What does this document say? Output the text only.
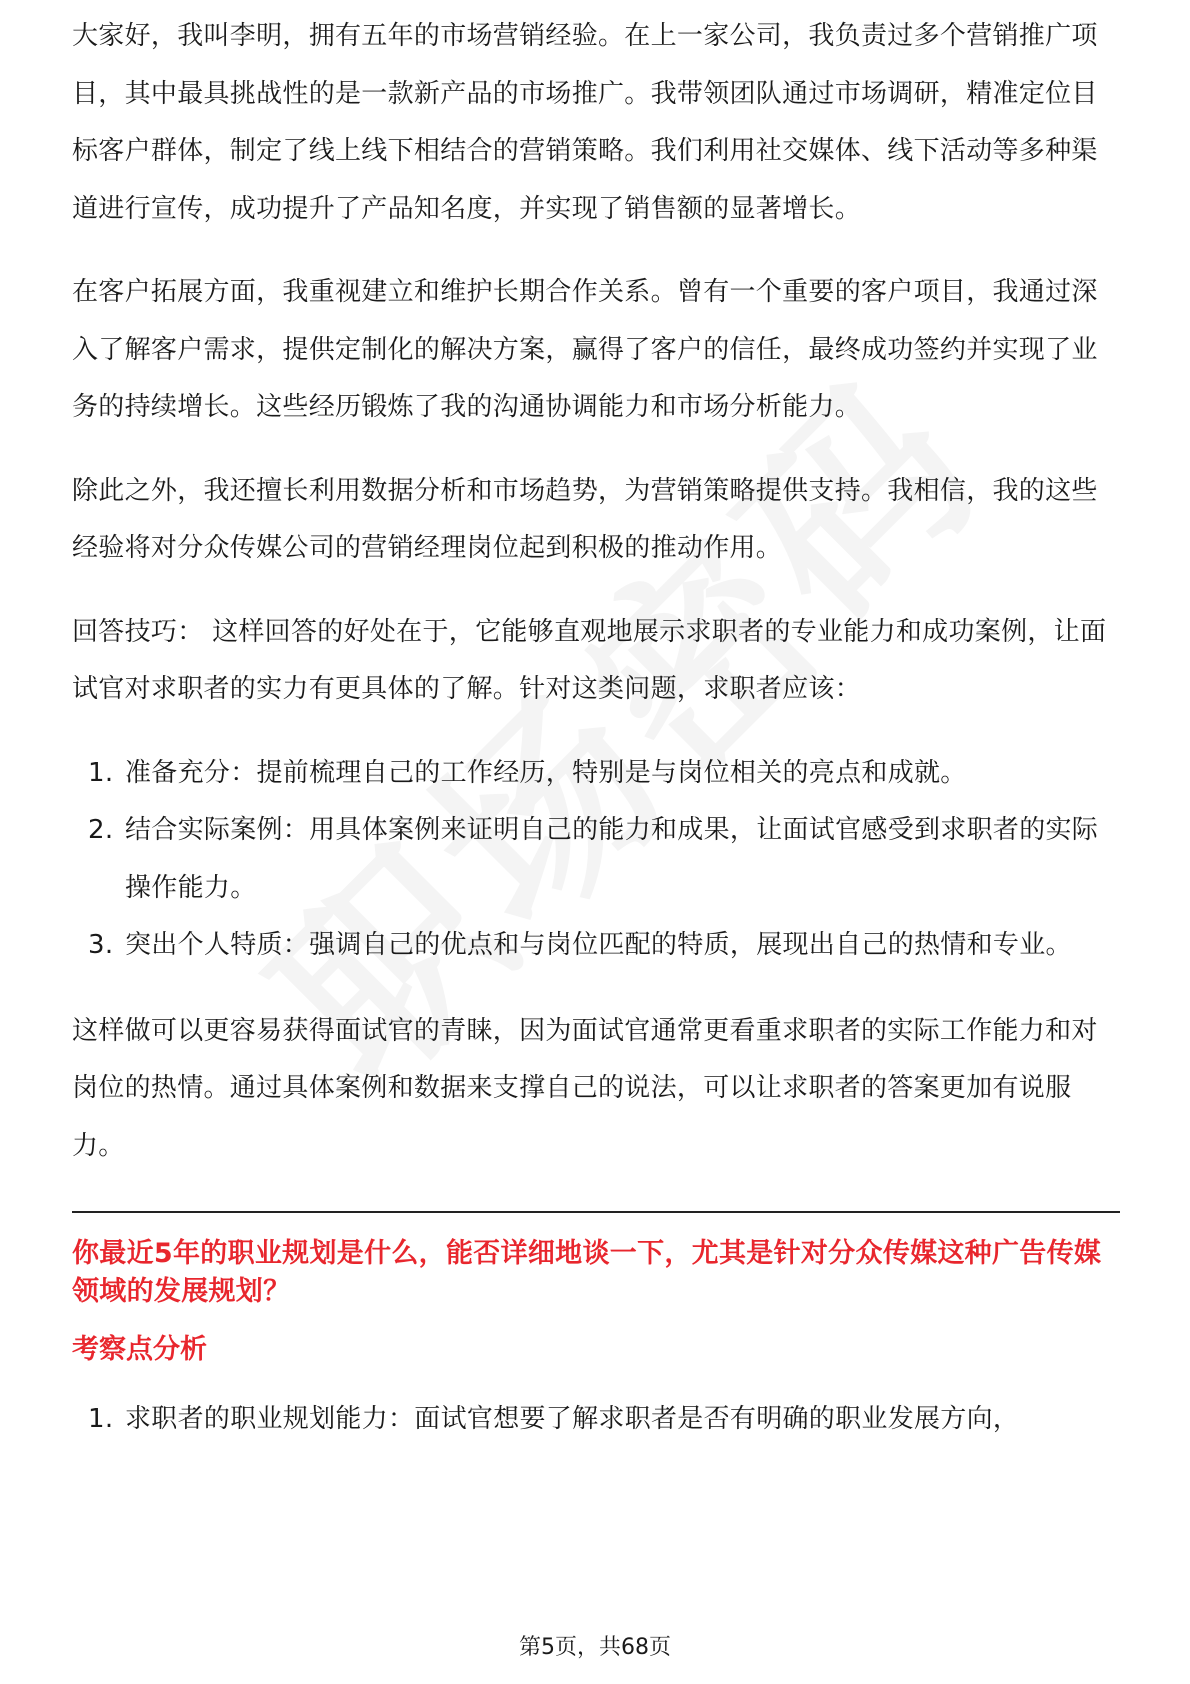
大家好，我叫李明，拥有五年的市场营销经验。在上一家公司，我负责过多个营销推广项目，其中最具挑战性的是一款新产品的市场推广。我带领团队通过市场调研，精准定位目标客户群体，制定了线上线下相结合的营销策略。我们利用社交媒体、线下活动等多种渠道进行宣传，成功提升了产品知名度，并实现了销售额的显著增长。

在客户拓展方面，我重视建立和维护长期合作关系。曾有一个重要的客户项目，我通过深入了解客户需求，提供定制化的解决方案，赢得了客户的信任，最终成功签约并实现了业务的持续增长。这些经历锻炼了我的沟通协调能力和市场分析能力。

除此之外，我还擅长利用数据分析和市场趋势，为营销策略提供支持。我相信，我的这些经验将对分众传媒公司的营销经理岗位起到积极的推动作用。

回答技巧： 这样回答的好处在于，它能够直观地展示求职者的专业能力和成功案例，让面试官对求职者的实力有更具体的了解。针对这类问题，求职者应该：

1. 准备充分：提前梳理自己的工作经历，特别是与岗位相关的亮点和成就。
2. 结合实际案例：用具体案例来证明自己的能力和成果，让面试官感受到求职者的实际操作能力。
3. 突出个人特质：强调自己的优点和与岗位匹配的特质，展现出自己的热情和专业。

这样做可以更容易获得面试官的青睐，因为面试官通常更看重求职者的实际工作能力和对岗位的热情。通过具体案例和数据来支撑自己的说法，可以让求职者的答案更加有说服力。

你最近5年的职业规划是什么，能否详细地谈一下，尤其是针对分众传媒这种广告传媒领域的发展规划？
考察点分析
1. 求职者的职业规划能力：面试官想要了解求职者是否有明确的职业发展方向，
第5页，共68页
